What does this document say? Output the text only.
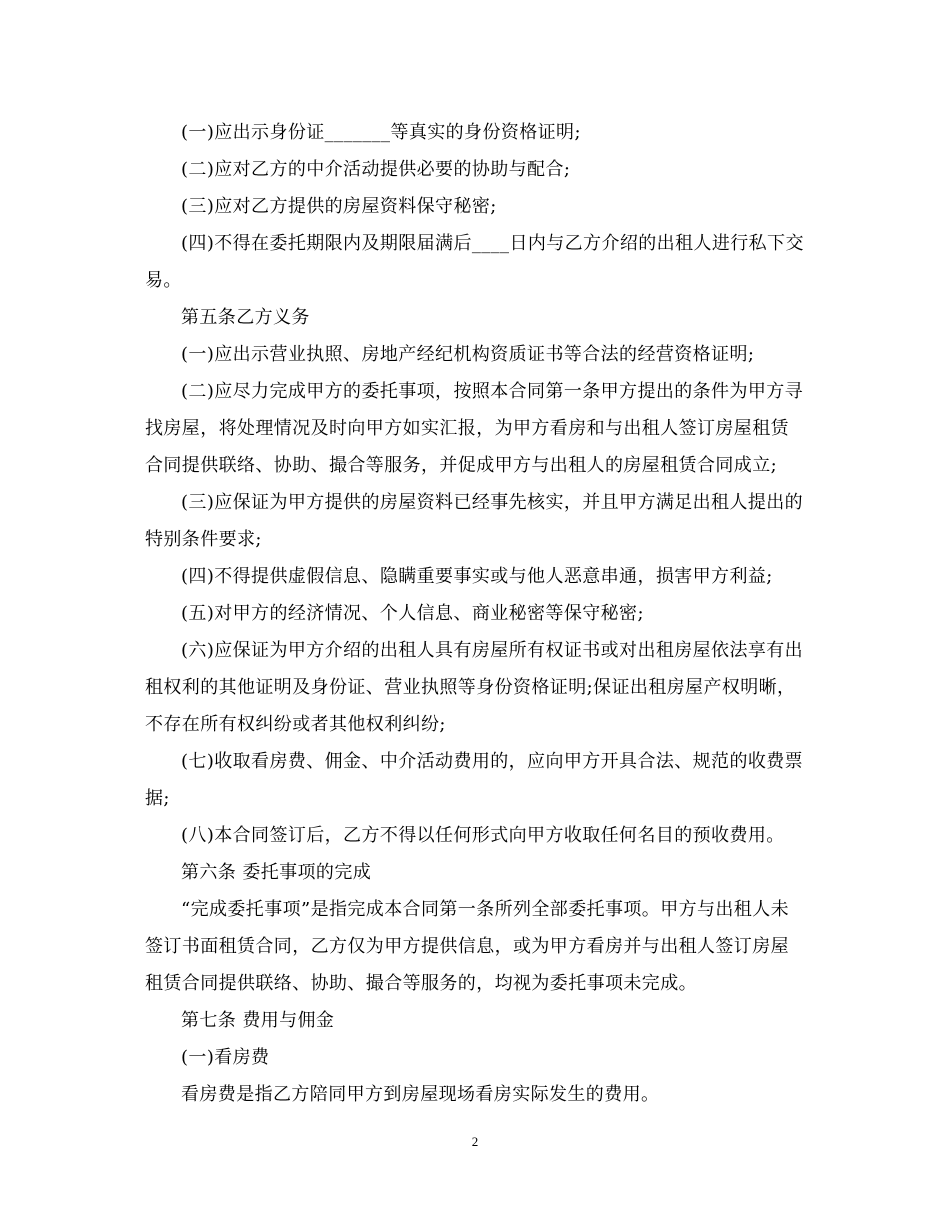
(一)应出示身份证_______等真实的身份资格证明;

(二)应对乙方的中介活动提供必要的协助与配合;

(三)应对乙方提供的房屋资料保守秘密;

(四)不得在委托期限内及期限届满后____日内与乙方介绍的出租人进行私下交易。

第五条乙方义务

(一)应出示营业执照、房地产经纪机构资质证书等合法的经营资格证明;

(二)应尽力完成甲方的委托事项，按照本合同第一条甲方提出的条件为甲方寻找房屋，将处理情况及时向甲方如实汇报，为甲方看房和与出租人签订房屋租赁合同提供联络、协助、撮合等服务，并促成甲方与出租人的房屋租赁合同成立;

(三)应保证为甲方提供的房屋资料已经事先核实，并且甲方满足出租人提出的特别条件要求;

(四)不得提供虚假信息、隐瞒重要事实或与他人恶意串通，损害甲方利益;

(五)对甲方的经济情况、个人信息、商业秘密等保守秘密;

(六)应保证为甲方介绍的出租人具有房屋所有权证书或对出租房屋依法享有出租权利的其他证明及身份证、营业执照等身份资格证明;保证出租房屋产权明晰，不存在所有权纠纷或者其他权利纠纷;

(七)收取看房费、佣金、中介活动费用的，应向甲方开具合法、规范的收费票据;

(八)本合同签订后，乙方不得以任何形式向甲方收取任何名目的预收费用。

第六条 委托事项的完成

“完成委托事项”是指完成本合同第一条所列全部委托事项。甲方与出租人未签订书面租赁合同，乙方仅为甲方提供信息，或为甲方看房并与出租人签订房屋租赁合同提供联络、协助、撮合等服务的，均视为委托事项未完成。

第七条 费用与佣金

(一)看房费

看房费是指乙方陪同甲方到房屋现场看房实际发生的费用。

2
